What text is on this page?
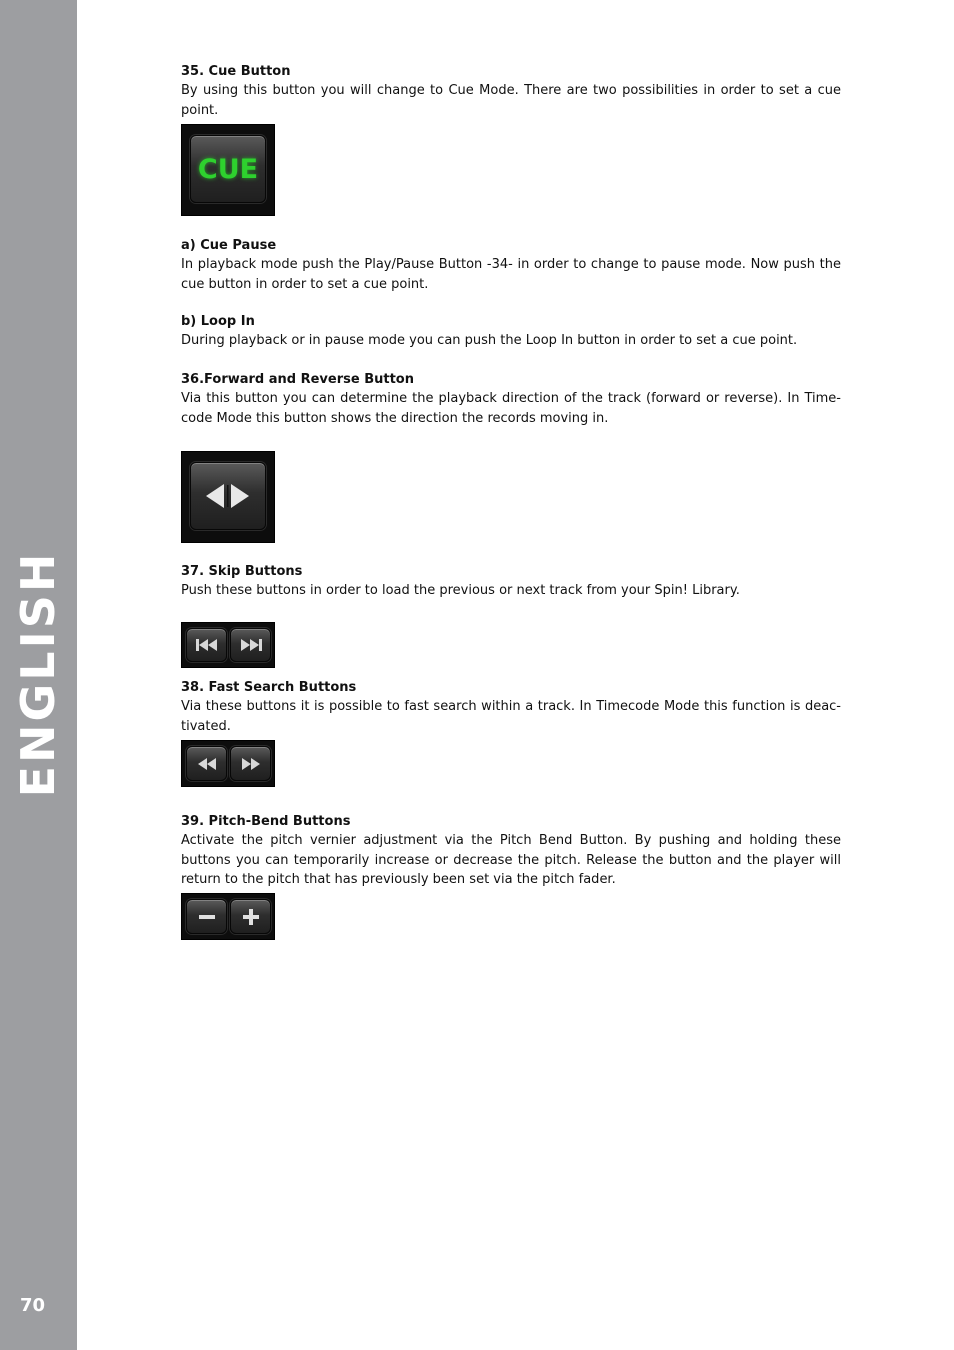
ENGLISH
70

35. Cue Button

By using this button you will change to Cue Mode. There are two possibilities in order to set a cue point.

CUE

a) Cue Pause

In playback mode push the Play/Pause Button -34- in order to change to pause mode. Now push the cue button in order to set a cue point.

b) Loop In

During playback or in pause mode you can push the Loop In button in order to set a cue point.

36.Forward and Reverse Button

Via this button you can determine the playback direction of the track (forward or reverse). In Time-code Mode this button shows the direction the records moving in.

37. Skip Buttons

Push these buttons in order to load the previous or next track from your Spin! Library.

38. Fast Search Buttons

Via these buttons it is possible to fast search within a track. In Timecode Mode this function is deac-tivated.

39. Pitch-Bend Buttons

Activate the pitch vernier adjustment via the Pitch Bend Button. By pushing and holding these buttons you can temporarily increase or decrease the pitch. Release the button and the player will return to the pitch that has previously been set via the pitch fader.
